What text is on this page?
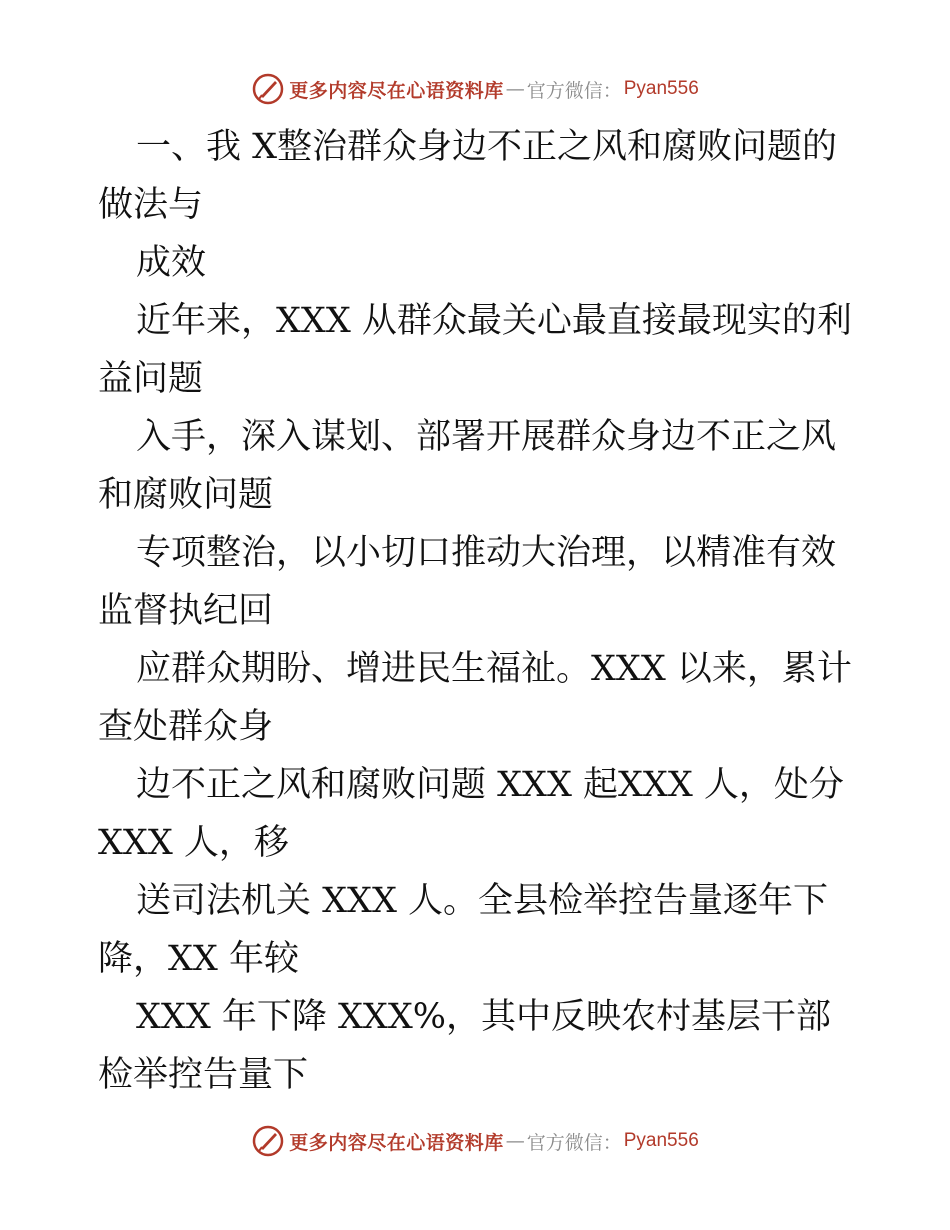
更多内容尽在心语资料库 — 官方微信： Pyan556

一、我 X整治群众身边不正之风和腐败问题的做法与

成效

近年来，XXX 从群众最关心最直接最现实的利益问题

入手，深入谋划、部署开展群众身边不正之风和腐败问题

专项整治，以小切口推动大治理，以精准有效监督执纪回

应群众期盼、增进民生福祉。XXX 以来，累计查处群众身

边不正之风和腐败问题 XXX 起XXX 人，处分 XXX 人，移

送司法机关 XXX 人。全县检举控告量逐年下降，XX 年较

XXX 年下降 XXX%，其中反映农村基层干部检举控告量下

更多内容尽在心语资料库 — 官方微信： Pyan556
